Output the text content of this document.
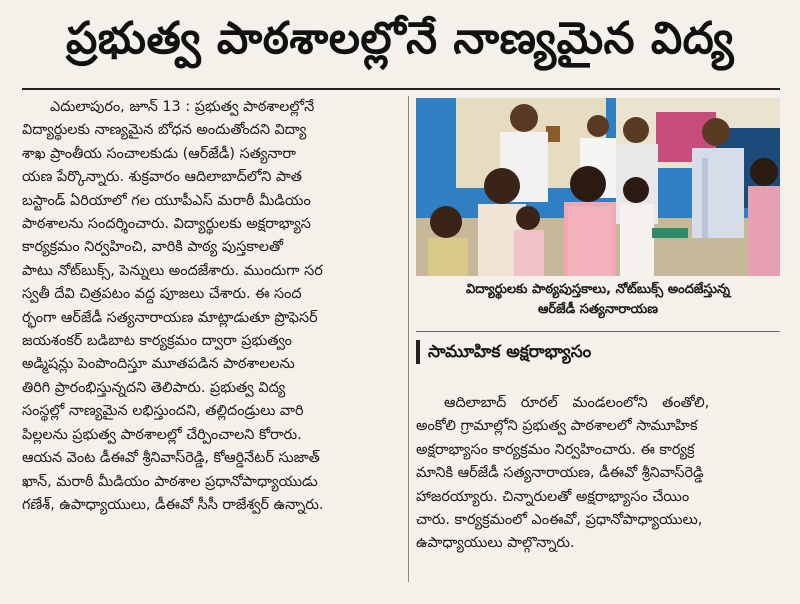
ప్రభుత్వ పాఠశాలల్లోనే నాణ్యమైన విద్య
ఎదులాపురం, జూన్ 13 : ప్రభుత్వ పాఠశాలల్లోనే
విద్యార్థులకు నాణ్యమైన బోధన అందుతోందని విద్యా
శాఖ ప్రాంతీయ సంచాలకుడు (ఆర్‌జేడీ) సత్యనారా
యణ పేర్కొన్నారు. శుక్రవారం ఆదిలాబాద్‌లోని పాత
బస్టాండ్ ఏరియాలో గల యూపీఎస్ మరాఠీ మీడియం
పాఠశాలను సందర్శించారు. విద్యార్థులకు అక్షరాభ్యాస
కార్యక్రమం నిర్వహించి, వారికి పాఠ్య పుస్తకాలతో
పాటు నోట్‌బుక్స్, పెన్నులు అందజేశారు. ముందుగా సర
స్వతీ దేవి చిత్రపటం వద్ద పూజలు చేశారు. ఈ సంద
ర్భంగా ఆర్‌జేడీ సత్యనారాయణ మాట్లాడుతూ ప్రొఫెసర్
జయశంకర్ బడిబాట కార్యక్రమం ద్వారా ప్రభుత్వం
అడ్మిషన్లు పెంపొందిస్తూ మూతపడిన పాఠశాలలను
తిరిగి ప్రారంభిస్తున్నదని తెలిపారు. ప్రభుత్వ విద్య
సంస్థల్లో నాణ్యమైన లభిస్తుందని, తల్లిదండ్రులు వారి
పిల్లలను ప్రభుత్వ పాఠశాలల్లో చేర్పించాలని కోరారు.
ఆయన వెంట డీఈవో శ్రీనివాస్‌రెడ్డి, కోఆర్డినేటర్ సుజాత్
ఖాన్, మరాఠీ మీడియం పాఠశాల ప్రధానోపాధ్యాయుడు
గణేశ్, ఉపాధ్యాయులు, డీఈవో సీసీ రాజేశ్వర్ ఉన్నారు.
విద్యార్థులకు పాఠ్యపుస్తకాలు, నోట్‌బుక్స్ అందజేస్తున్న
ఆర్‌జేడీ సత్యనారాయణ
సామూహిక అక్షరాభ్యాసం
ఆదిలాబాద్ రూరల్ మండలంలోని తంతోలి,
అంకోలి గ్రామాల్లోని ప్రభుత్వ పాఠశాలలో సామూహిక
అక్షరాభ్యాసం కార్యక్రమం నిర్వహించారు. ఈ కార్యక్ర
మానికి ఆర్‌జేడీ సత్యనారాయణ, డీఈవో శ్రీనివాస్‌రెడ్డి
హాజరయ్యారు. చిన్నారులతో అక్షరాభ్యాసం చేయిం
చారు. కార్యక్రమంలో ఎంఈవో, ప్రధానోపాధ్యాయులు,
ఉపాధ్యాయులు పాల్గొన్నారు.
